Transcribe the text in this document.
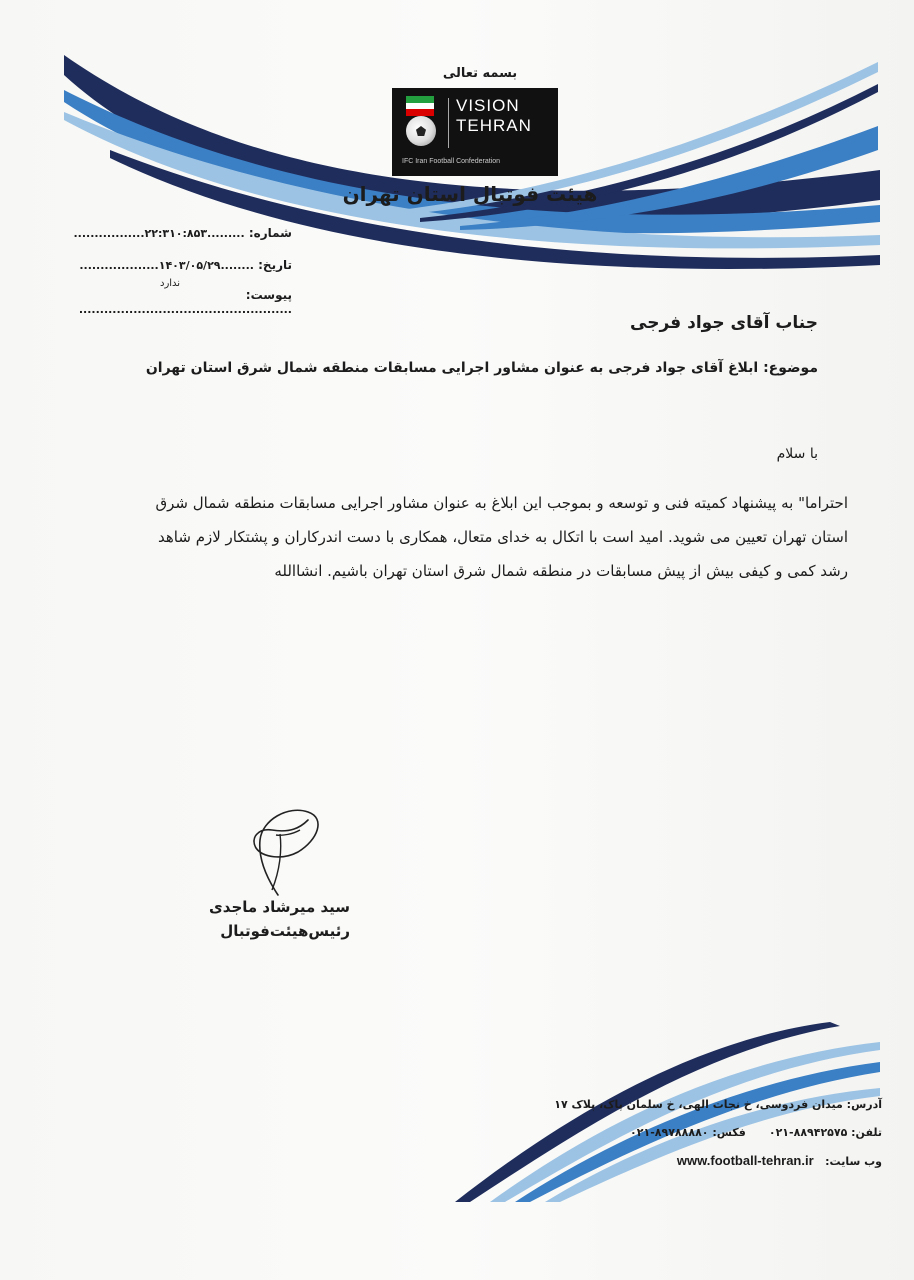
بسمه تعالی
VISION
TEHRAN
IFC Iran Football Confederation
هیئت فوتبال استان تهران
شماره: .........۲۲:۳۱۰:۸۵۳.................
تاریخ: ........۱۴۰۳/۰۵/۲۹...................
ندارد
پیوست: ...................................................
جناب آقای جواد فرجی
موضوع: ابلاغ آقای جواد فرجی به عنوان مشاور اجرایی مسابقات منطقه شمال شرق استان تهران
با سلام
احتراما" به پیشنهاد کمیته فنی و توسعه و بموجب این ابلاغ به عنوان مشاور اجرایی مسابقات منطقه شمال شرق
استان تهران تعیین می شوید. امید است با اتکال به خدای متعال، همکاری با دست اندرکاران و پشتکار لازم شاهد
رشد کمی و کیفی بیش از پیش مسابقات در منطقه شمال شرق استان تهران باشیم. انشاالله
سید میرشاد ماجدی
رئیس‌هیئت‌فوتبال
آدرس: میدان فردوسی، خ نجات الهی، خ سلمان پاک، پلاک ۱۷
تلفن: ۸۸۹۴۲۵۷۵-۰۲۱      فکس: ۸۹۷۸۸۸۸۰-۰۲۱
وب سایت:   www.football-tehran.ir
